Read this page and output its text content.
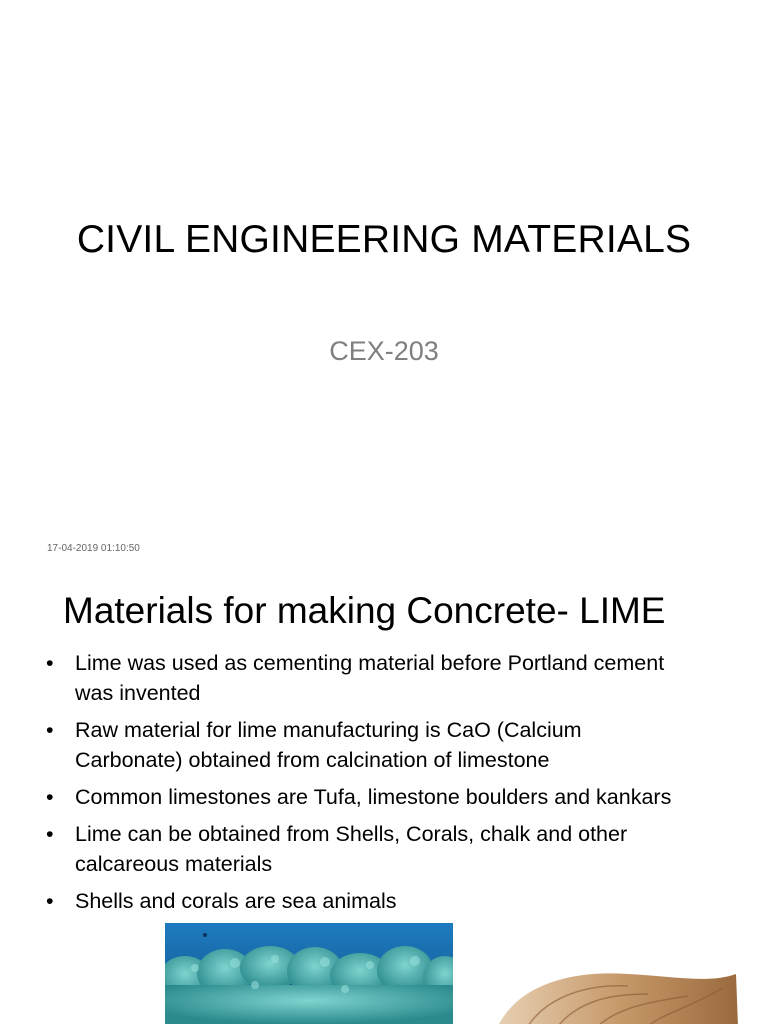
CIVIL ENGINEERING MATERIALS
CEX-203
17-04-2019 01:10:50
Materials for making Concrete- LIME
• Lime was used as cementing material before Portland cement
was invented
• Raw material for lime manufacturing is CaO (Calcium
Carbonate) obtained from calcination of limestone
• Common limestones are Tufa, limestone boulders and kankars
• Lime can be obtained from Shells, Corals, chalk and other
calcareous materials
• Shells and corals are sea animals
